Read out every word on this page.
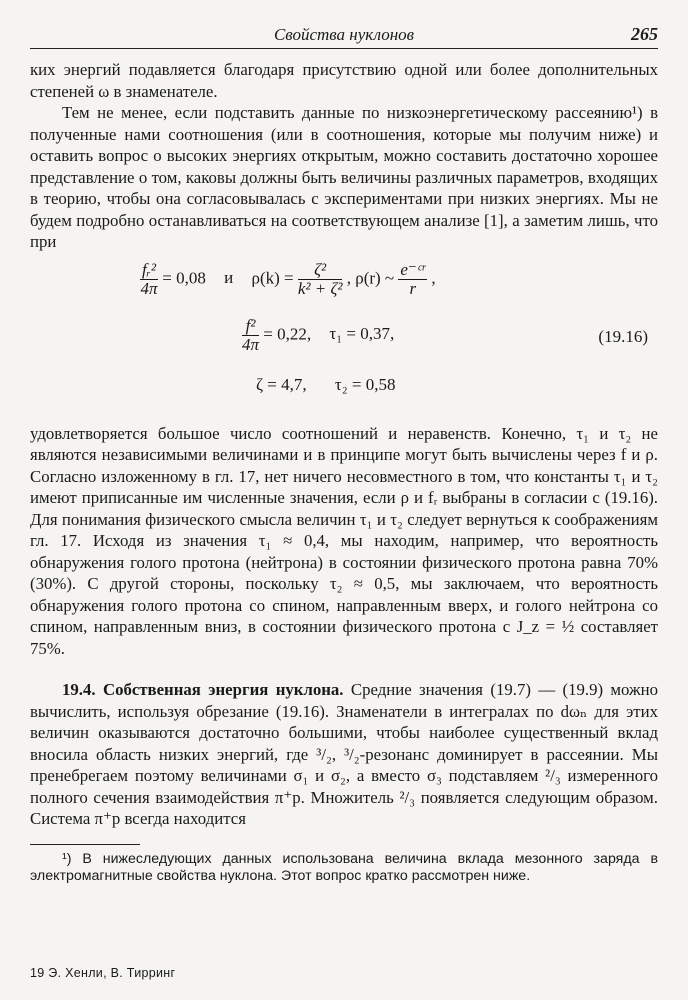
Свойства нуклонов	265

ких энергий подавляется благодаря присутствию одной или более дополнительных степеней ω в знаменателе.

Тем не менее, если подставить данные по низкоэнергетическому рассеянию¹) в полученные нами соотношения (или в соотношения, которые мы получим ниже) и оставить вопрос о высоких энергиях открытым, можно составить достаточно хорошее представление о том, каковы должны быть величины различных параметров, входящих в теорию, чтобы она согласовывалась с экспериментами при низких энергиях. Мы не будем подробно останавливаться на соответствующем анализе [1], а заметим лишь, что при

$\frac{\text{fᵣ²}}{4\pi} = 0,08$ и $\rho(k) = \frac{\text{ζ²}}{\text{k² + ζ²}}$ , ρ(r) ~ $\frac{\text{e⁻ᶜʳ}}{r}$ ,
$\frac{\text{f²}}{4\pi} = 0,22$, τ₁ = 0,37,
ζ = 4,7, τ₂ = 0,58
(19.16)

удовлетворяется большое число соотношений и неравенств. Конечно, τ₁ и τ₂ не являются независимыми величинами и в принципе могут быть вычислены через f и ρ. Согласно изложенному в гл. 17, нет ничего несовместного в том, что константы τ₁ и τ₂ имеют приписанные им численные значения, если ρ и fᵣ выбраны в согласии с (19.16). Для понимания физического смысла величин τ₁ и τ₂ следует вернуться к соображениям гл. 17. Исходя из значения τ₁ ≈ 0,4, мы находим, например, что вероятность обнаружения голого протона (нейтрона) в состоянии физического протона равна 70% (30%). С другой стороны, поскольку τ₂ ≈ 0,5, мы заключаем, что вероятность обнаружения голого протона со спином, направленным вверх, и голого нейтрона со спином, направленным вниз, в состоянии физического протона с J_z = ½ составляет 75%.

19.4. Собственная энергия нуклона. Средние значения (19.7) — (19.9) можно вычислить, используя обрезание (19.16). Знаменатели в интегралах по dωₙ для этих величин оказываются достаточно большими, чтобы наиболее существенный вклад вносила область низких энергий, где ³/₂, ³/₂-резонанс доминирует в рассеянии. Мы пренебрегаем поэтому величинами σ₁ и σ₂, а вместо σ₃ подставляем ²/₃ измеренного полного сечения взаимодействия π⁺p. Множитель ²/₃ появляется следующим образом. Система π⁺p всегда находится

¹) В нижеследующих данных использована величина вклада мезонного заряда в электромагнитные свойства нуклона. Этот вопрос кратко рассмотрен ниже.

19 Э. Хенли, В. Тирринг
